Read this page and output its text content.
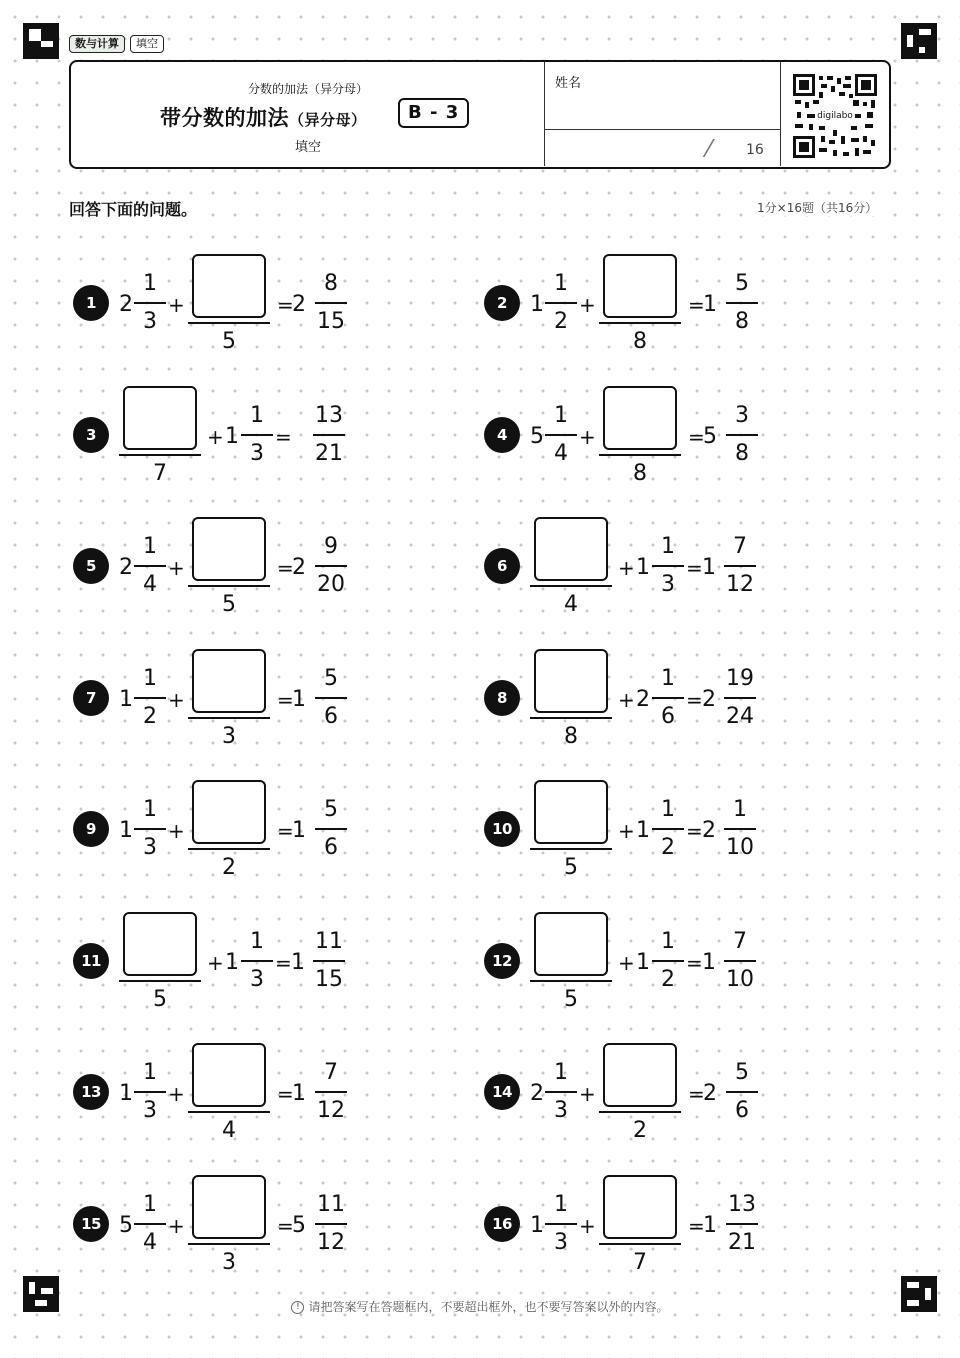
数与计算	填空
分数的加法（异分母）
带分数的加法（异分母）	B - 3
填空
姓名
/ 16
digilabo
回答下面的问题。	1分×16题（共16分）
1	2
1
3
+
5
=
2
8
15
2	1
1
2
+
8
=
1
5
8
3
7
+ 1
1
3
=
13
21
4	5
1
4
+
8
=
5
3
8
5	2
1
4
+
5
=
2
9
20
6
4
+ 1
1
3
= 1
7
12
7	1
1
2
+
3
=
1
5
6
8
8
+ 2
1
6
= 2
19
24
9	1
1
3
+
2
=
1
5
6
10
5
+ 1
1
2
= 2
1
10
11
5
+ 1
1
3
= 1
11
15
12
5
+ 1
1
2
= 1
7
10
13 1
1
3
+
4
=
1
7
12
14 2
1
3
+
2
=
2
5
6
15 5
1
4
+
3
=
5
11
12
16 1
1
3
+
7
=
1
13
21
! 请把答案写在答题框内，不要超出框外，也不要写答案以外的内容。
